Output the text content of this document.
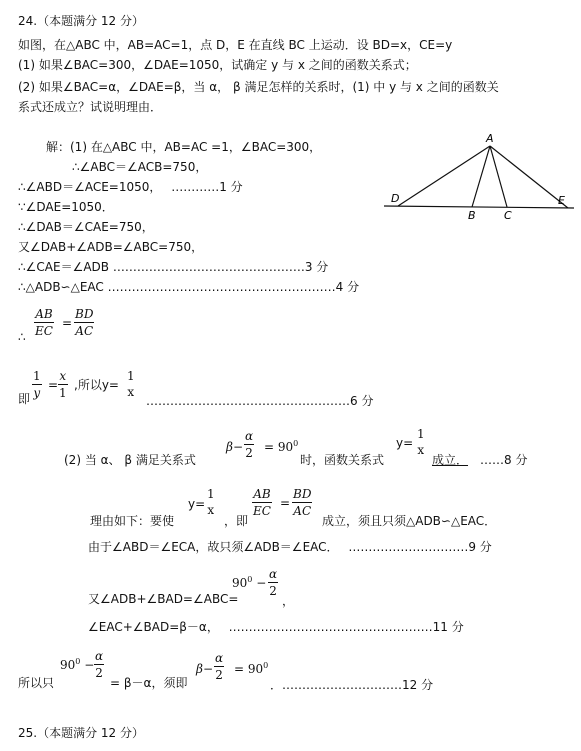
24.（本题满分 12 分）
如图，在△ABC 中，AB=AC=1，点 D，E 在直线 BC 上运动．设 BD=x，CE=y
(1) 如果∠BAC=300，∠DAE=1050，试确定 y 与 x 之间的函数关系式；
(2) 如果∠BAC=α，∠DAE=β，当 α， β 满足怎样的关系时，(1) 中 y 与 x 之间的函数关
系式还成立？试说明理由．
A
D
B	C
E
解：(1) 在△ABC 中，AB=AC =1，∠BAC=300，
∴∠ABC＝∠ACB=750，
∴∠ABD＝∠ACE=1050， …………1 分
∵∠DAE=1050．
∴∠DAB＝∠CAE=750，
又∠DAB+∠ADB=∠ABC=750，
∴∠CAE＝∠ADB …………………………………………3 分
∴△ADB∽△EAC …………………………………………………4 分
∴ $\frac{AB}{EC} = \frac{BD}{AC}$
即 $\frac{1}{y} = \frac{x}{1}$ ,所以y=
1
x
……………………………………………6 分
(2) 当 α、 β 满足关系式
$\beta- \frac{\alpha}{2} = 90^0$
时，函数关系式
y=
1
x
成立． ……8 分
理由如下：要使
y=
1
x
，即
$\frac{AB}{EC} = \frac{BD}{AC}$
成立，须且只须△ADB∽△EAC．
由于∠ABD＝∠ECA，故只须∠ADB＝∠EAC． …………………………9 分
又∠ADB+∠BAD=∠ABC=
$90^0 - \frac{\alpha}{2}$
，
∠EAC+∠BAD=β－α， ……………………………………………11 分
所以只
$90^0 - \frac{\alpha}{2}$
= β－α，须即
$\beta- \frac{\alpha}{2} = 90^0$
．…………………………12 分
25.（本题满分 12 分）
